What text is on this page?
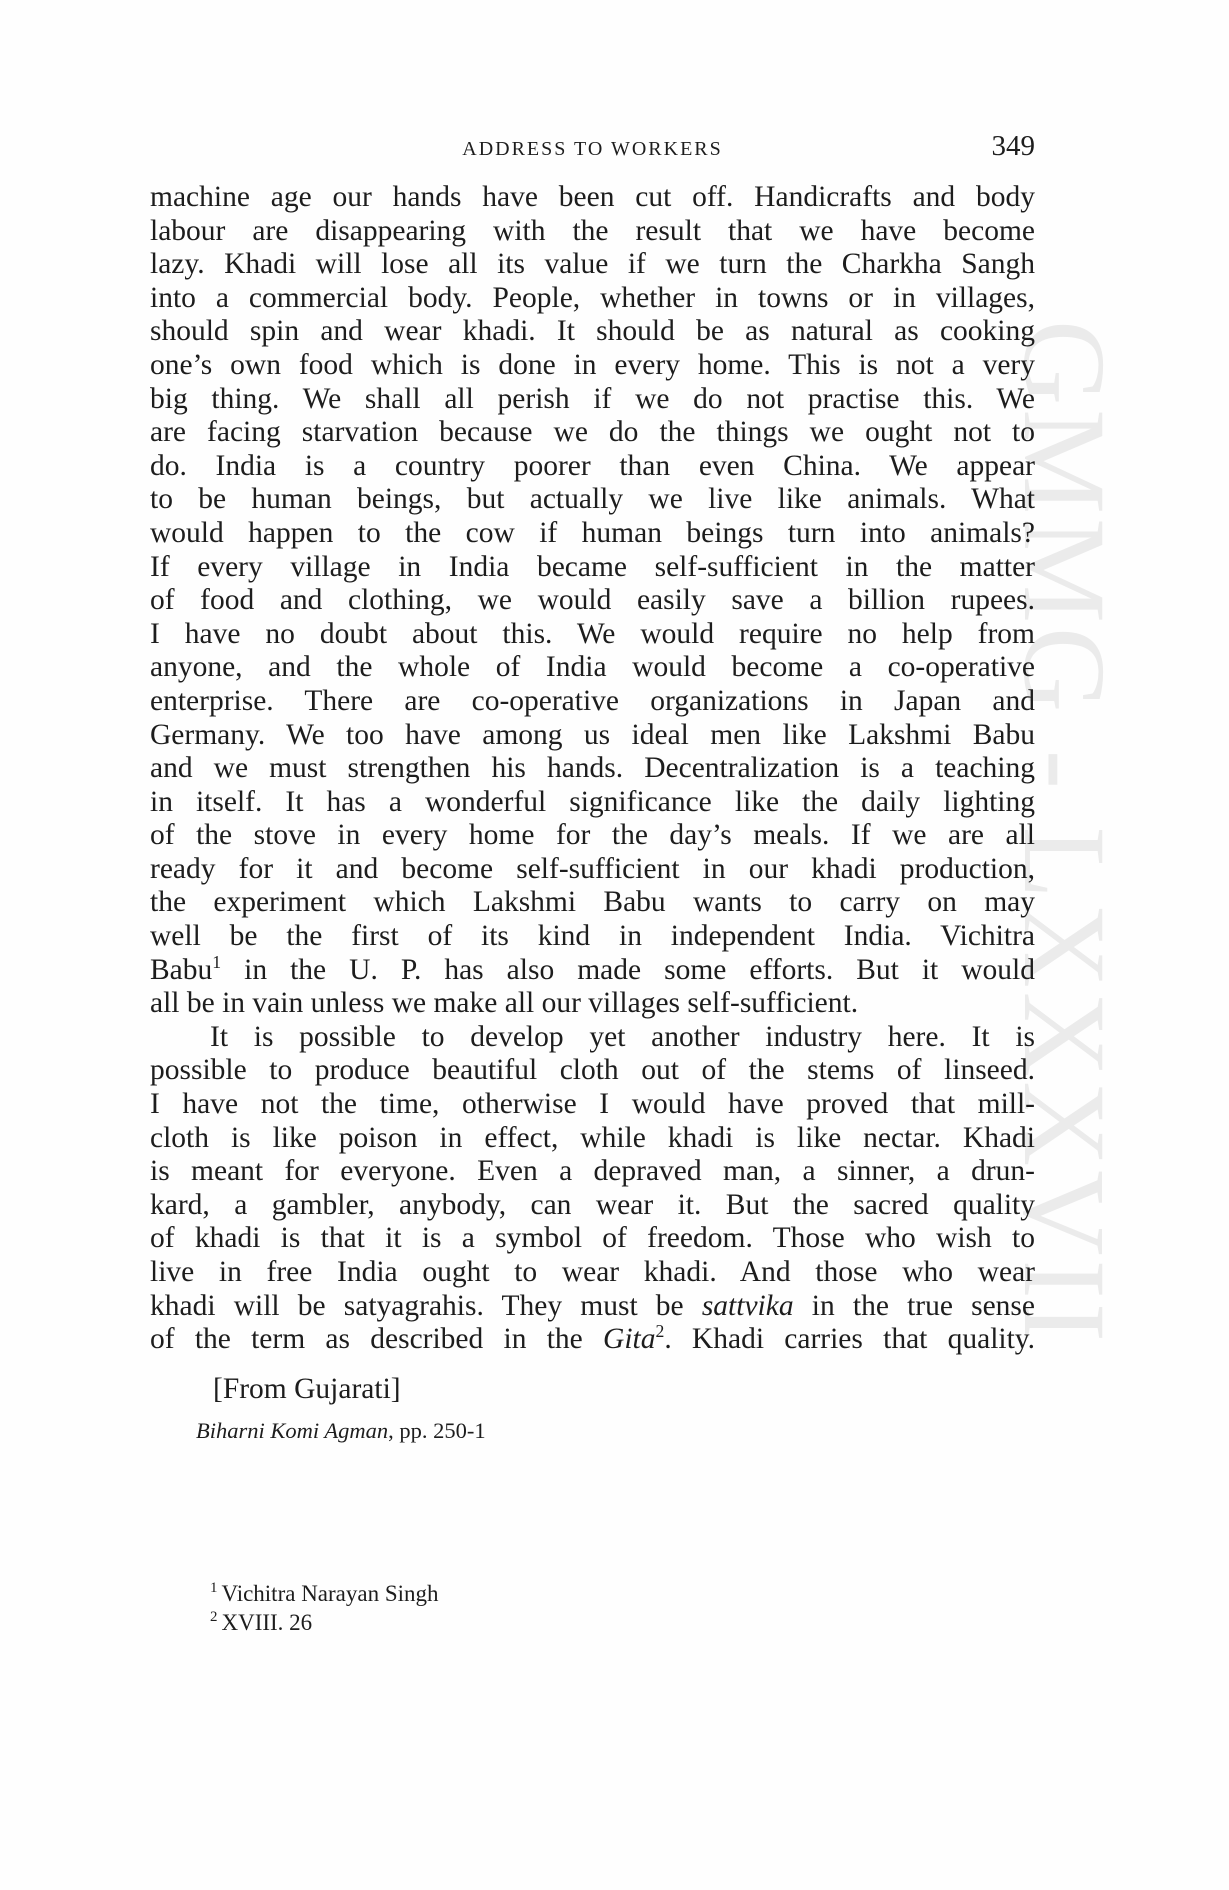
GMMG - LXXXVII
ADDRESS TO WORKERS	349
machine age our hands have been cut off. Handicrafts and body
labour are disappearing with the result that we have become
lazy. Khadi will lose all its value if we turn the Charkha Sangh
into a commercial body. People, whether in towns or in villages,
should spin and wear khadi. It should be as natural as cooking
one’s own food which is done in every home. This is not a very
big thing. We shall all perish if we do not practise this. We
are facing starvation because we do the things we ought not to
do. India is a country poorer than even China. We appear
to be human beings, but actually we live like animals. What
would happen to the cow if human beings turn into animals?
If every village in India became self-sufficient in the matter
of food and clothing, we would easily save a billion rupees.
I have no doubt about this. We would require no help from
anyone, and the whole of India would become a co-operative
enterprise. There are co-operative organizations in Japan and
Germany. We too have among us ideal men like Lakshmi Babu
and we must strengthen his hands. Decentralization is a teaching
in itself. It has a wonderful significance like the daily lighting
of the stove in every home for the day’s meals. If we are all
ready for it and become self-sufficient in our khadi production,
the experiment which Lakshmi Babu wants to carry on may
well be the first of its kind in independent India. Vichitra
Babu$^1$ in the U. P. has also made some efforts. But it would
all be in vain unless we make all our villages self-sufficient.
It is possible to develop yet another industry here. It is
possible to produce beautiful cloth out of the stems of linseed.
I have not the time, otherwise I would have proved that mill-
cloth is like poison in effect, while khadi is like nectar. Khadi
is meant for everyone. Even a depraved man, a sinner, a drun-
kard, a gambler, anybody, can wear it. But the sacred quality
of khadi is that it is a symbol of freedom. Those who wish to
live in free India ought to wear khadi. And those who wear
khadi will be satyagrahis. They must be sattvika in the true sense
of the term as described in the Gita$^2$. Khadi carries that quality.
[From Gujarati]
Biharni Komi Agman, pp. 250-1
$^1$ Vichitra Narayan Singh
$^2$ XVIII. 26
